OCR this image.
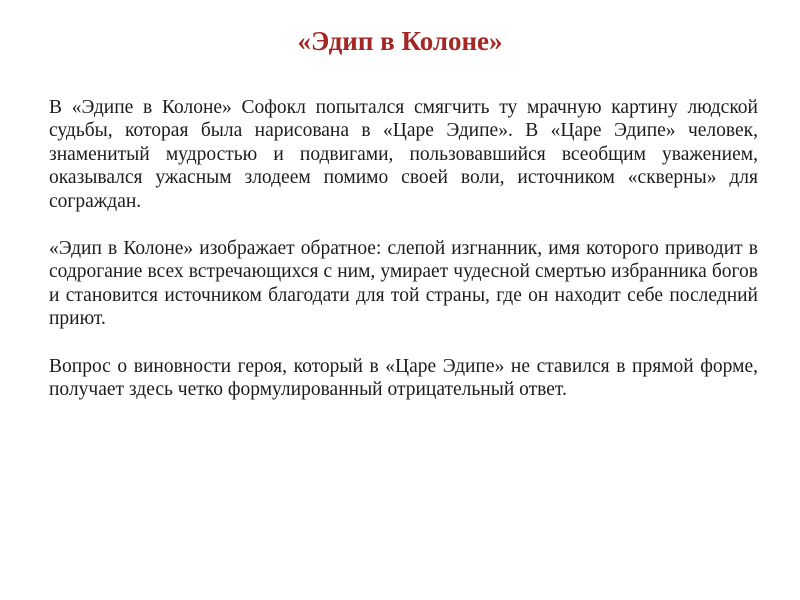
«Эдип в Колоне»

В «Эдипе в Колоне» Софокл попытался смягчить ту мрачную картину людской судьбы, которая была нарисована в «Царе Эдипе». В «Царе Эдипе» человек, знаменитый мудростью и подвигами, пользовавшийся всеобщим уважением, оказывался ужасным злодеем помимо своей воли, источником «скверны» для сограждан.

«Эдип в Колоне» изображает обратное: слепой изгнанник, имя которого приводит в содрогание всех встречающихся с ним, умирает чудесной смертью избранника богов и становится источником благодати для той страны, где он находит себе последний приют.

Вопрос о виновности героя, который в «Царе Эдипе» не ставился в прямой форме, получает здесь четко формулированный отрицательный ответ.
